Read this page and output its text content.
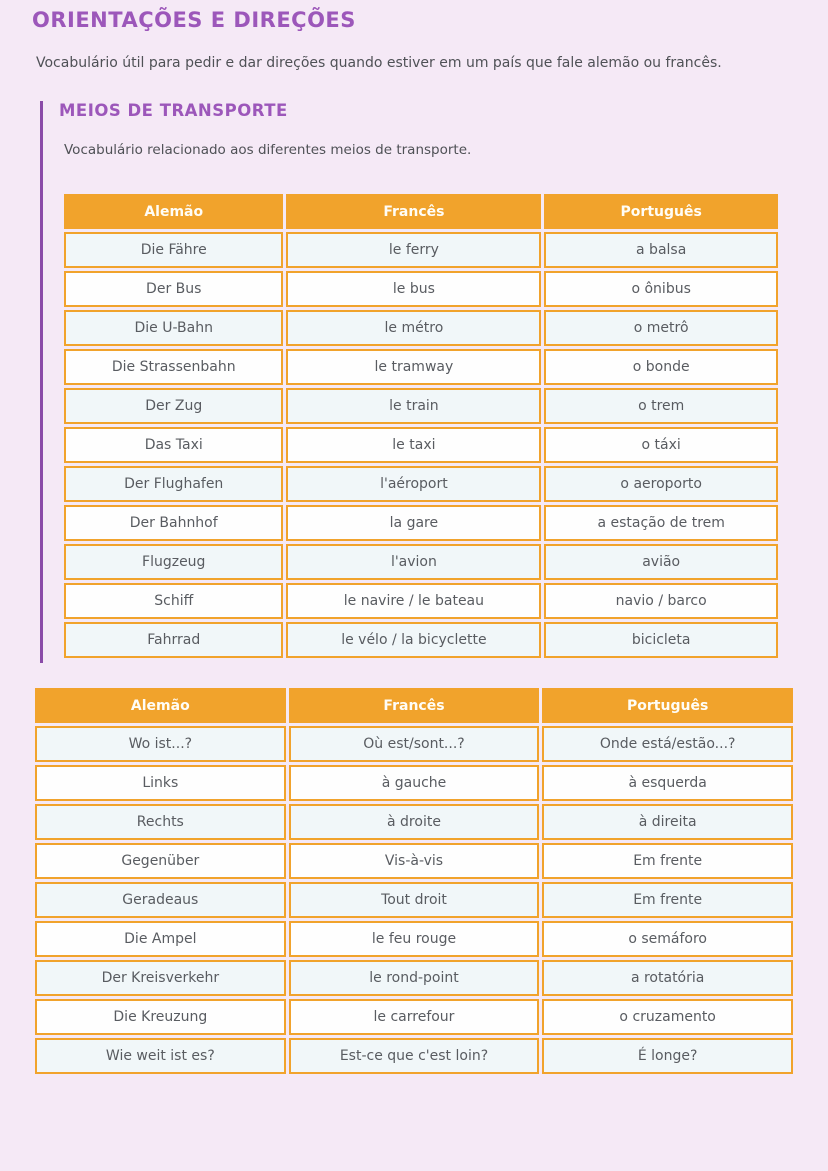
ORIENTAÇÕES E DIREÇÕES

Vocabulário útil para pedir e dar direções quando estiver em um país que fale alemão ou francês.

MEIOS DE TRANSPORTE

Vocabulário relacionado aos diferentes meios de transporte.

Alemão	Francês	Português
Die Fähre	le ferry	a balsa
Der Bus	le bus	o ônibus
Die U-Bahn	le métro	o metrô
Die Strassenbahn	le tramway	o bonde
Der Zug	le train	o trem
Das Taxi	le taxi	o táxi
Der Flughafen	l'aéroport	o aeroporto
Der Bahnhof	la gare	a estação de trem
Flugzeug	l'avion	avião
Schiff	le navire / le bateau	navio / barco
Fahrrad	le vélo / la bicyclette	bicicleta
Alemão	Francês	Português
Wo ist...?	Où est/sont...?	Onde está/estão...?
Links	à gauche	à esquerda
Rechts	à droite	à direita
Gegenüber	Vis-à-vis	Em frente
Geradeaus	Tout droit	Em frente
Die Ampel	le feu rouge	o semáforo
Der Kreisverkehr	le rond-point	a rotatória
Die Kreuzung	le carrefour	o cruzamento
Wie weit ist es?	Est-ce que c'est loin?	É longe?
